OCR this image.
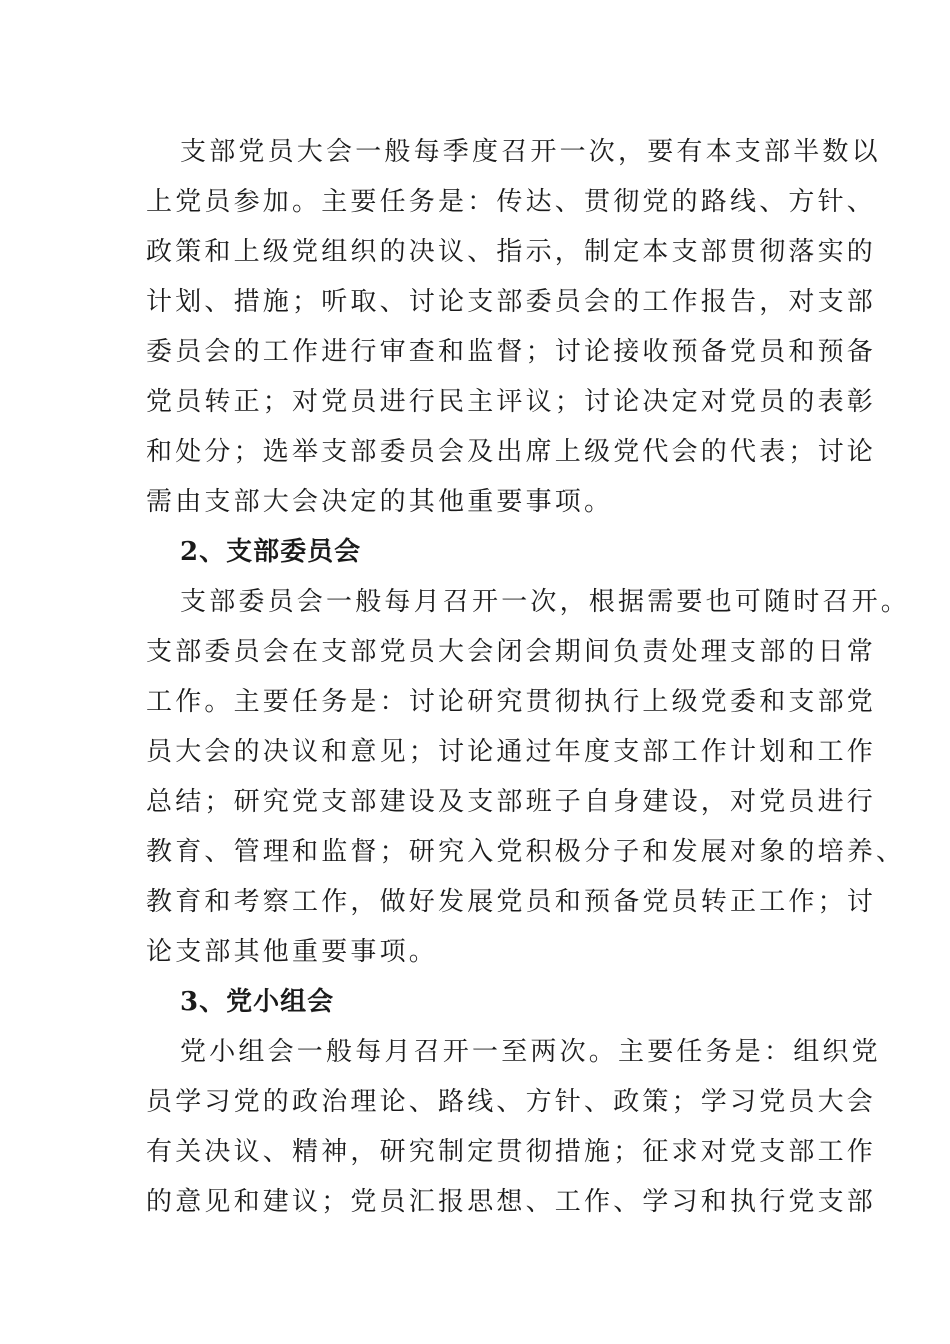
支部党员大会一般每季度召开一次，要有本支部半数以
上党员参加。主要任务是：传达、贯彻党的路线、方针、
政策和上级党组织的决议、指示，制定本支部贯彻落实的
计划、措施；听取、讨论支部委员会的工作报告，对支部
委员会的工作进行审查和监督；讨论接收预备党员和预备
党员转正；对党员进行民主评议；讨论决定对党员的表彰
和处分；选举支部委员会及出席上级党代会的代表；讨论
需由支部大会决定的其他重要事项。
2、支部委员会
支部委员会一般每月召开一次，根据需要也可随时召开。
支部委员会在支部党员大会闭会期间负责处理支部的日常
工作。主要任务是：讨论研究贯彻执行上级党委和支部党
员大会的决议和意见；讨论通过年度支部工作计划和工作
总结；研究党支部建设及支部班子自身建设，对党员进行
教育、管理和监督；研究入党积极分子和发展对象的培养、
教育和考察工作，做好发展党员和预备党员转正工作；讨
论支部其他重要事项。
3、党小组会
党小组会一般每月召开一至两次。主要任务是：组织党
员学习党的政治理论、路线、方针、政策；学习党员大会
有关决议、精神，研究制定贯彻措施；征求对党支部工作
的意见和建议；党员汇报思想、工作、学习和执行党支部
